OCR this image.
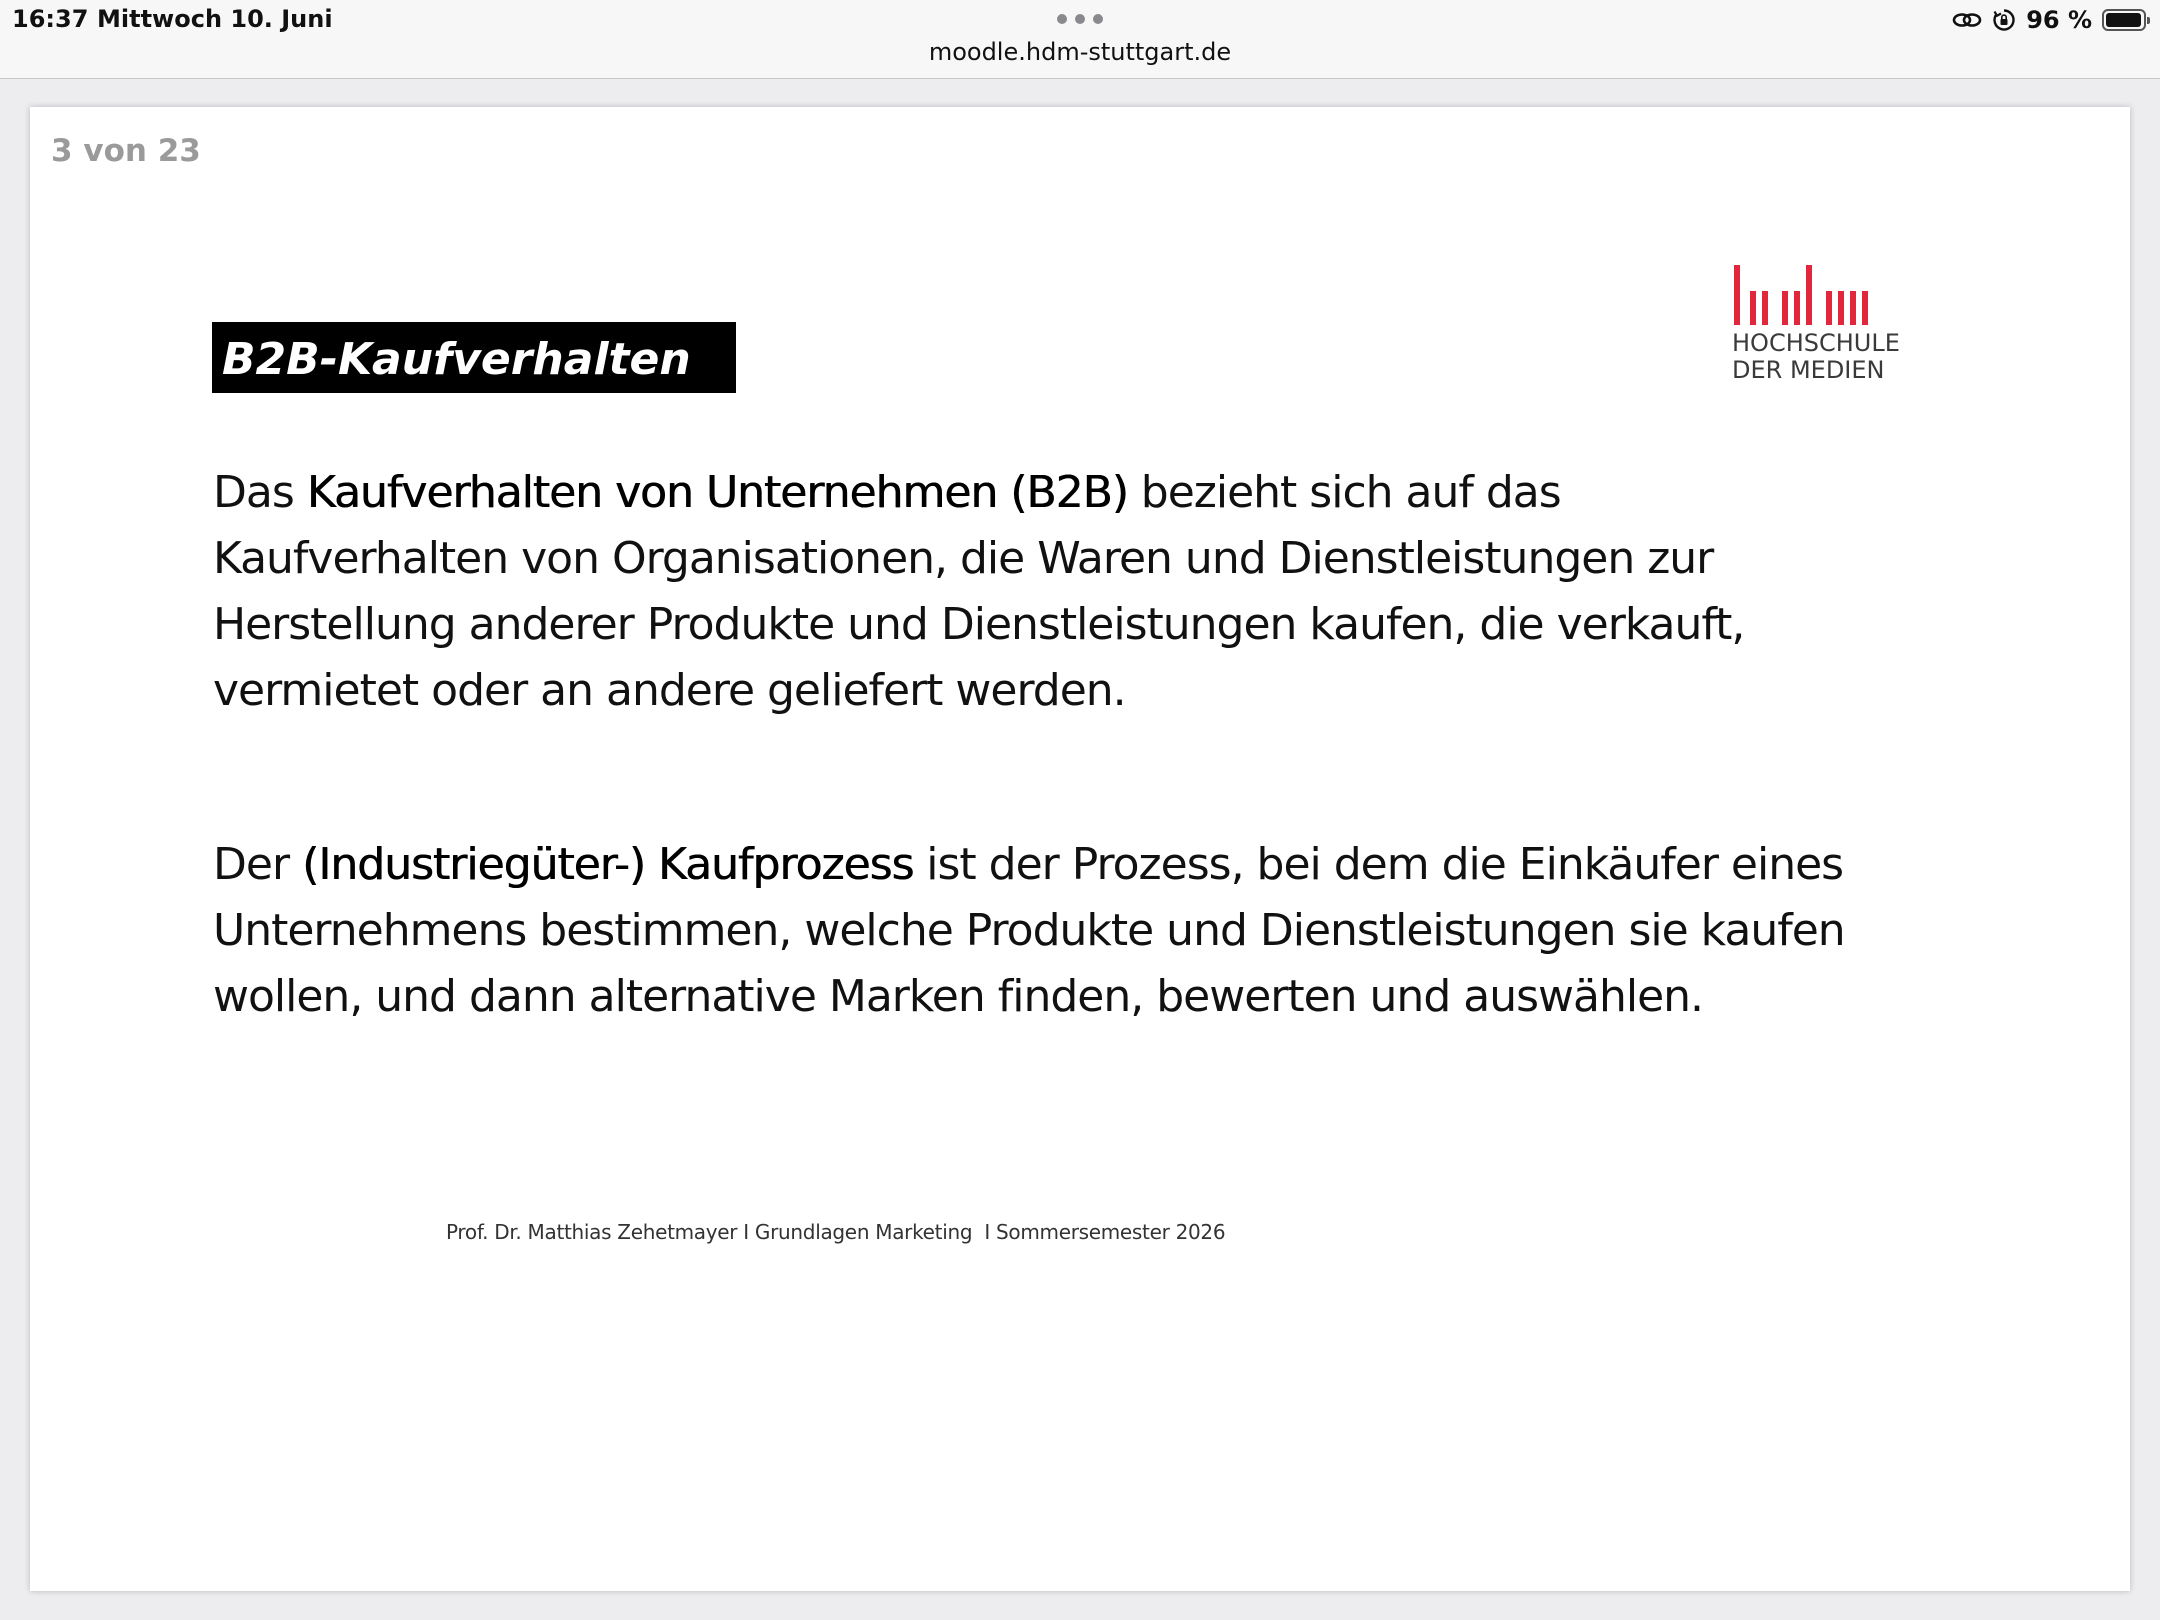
16:37 Mittwoch 10. Juni
moodle.hdm-stuttgart.de
96 %
3 von 23
HOCHSCHULE
DER MEDIEN
B2B-Kaufverhalten

Das Kaufverhalten von Unternehmen (B2B) bezieht sich auf das Kaufverhalten von Organisationen, die Waren und Dienstleistungen zur Herstellung anderer Produkte und Dienstleistungen kaufen, die verkauft, vermietet oder an andere geliefert werden.

Der (Industriegüter-) Kaufprozess ist der Prozess, bei dem die Einkäufer eines Unternehmens bestimmen, welche Produkte und Dienstleistungen sie kaufen wollen, und dann alternative Marken finden, bewerten und auswählen.

Prof. Dr. Matthias Zehetmayer I Grundlagen Marketing  I Sommersemester 2026
